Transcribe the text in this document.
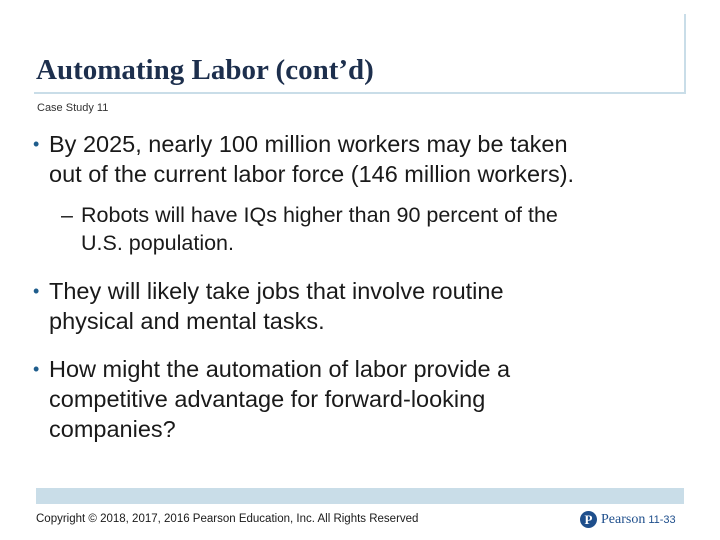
Automating Labor (cont’d)
Case Study 11
• By 2025, nearly 100 million workers may be taken
out of the current labor force (146 million workers).
– Robots will have IQs higher than 90 percent of the
U.S. population.
• They will likely take jobs that involve routine
physical and mental tasks.
• How might the automation of labor provide a
competitive advantage for forward-looking
companies?
Copyright © 2018, 2017, 2016 Pearson Education, Inc. All Rights Reserved	P Pearson 11-33
